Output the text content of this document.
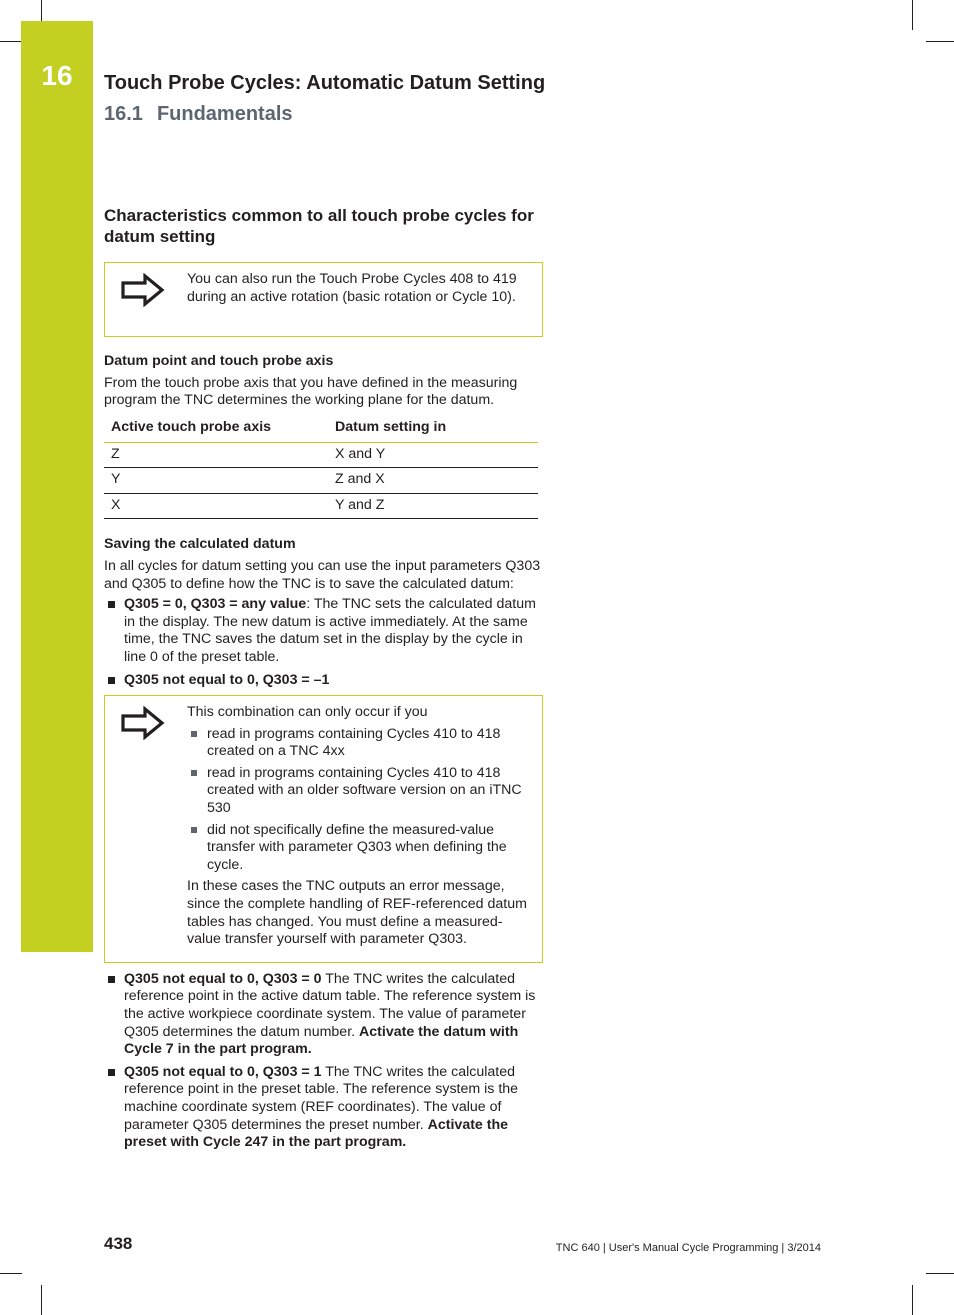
16	Touch Probe Cycles: Automatic Datum Setting
16.1 Fundamentals
Characteristics common to all touch probe cycles for datum setting
You can also run the Touch Probe Cycles 408 to 419 during an active rotation (basic rotation or Cycle 10).
Datum point and touch probe axis

From the touch probe axis that you have defined in the measuring program the TNC determines the working plane for the datum.

Active touch probe axis	Datum setting in
Z	X and Y
Y	Z and X
X	Y and Z
Saving the calculated datum

In all cycles for datum setting you can use the input parameters Q303 and Q305 to define how the TNC is to save the calculated datum:

Q305 = 0, Q303 = any value: The TNC sets the calculated datum in the display. The new datum is active immediately. At the same time, the TNC saves the datum set in the display by the cycle in line 0 of the preset table.
Q305 not equal to 0, Q303 = –1

This combination can only occur if you

read in programs containing Cycles 410 to 418 created on a TNC 4xx
read in programs containing Cycles 410 to 418 created with an older software version on an iTNC 530
did not specifically define the measured-value transfer with parameter Q303 when defining the cycle.

In these cases the TNC outputs an error message, since the complete handling of REF-referenced datum tables has changed. You must define a measured-value transfer yourself with parameter Q303.

Q305 not equal to 0, Q303 = 0 The TNC writes the calculated reference point in the active datum table. The reference system is the active workpiece coordinate system. The value of parameter Q305 determines the datum number. Activate the datum with Cycle 7 in the part program.
Q305 not equal to 0, Q303 = 1 The TNC writes the calculated reference point in the preset table. The reference system is the machine coordinate system (REF coordinates). The value of parameter Q305 determines the preset number. Activate the preset with Cycle 247 in the part program.
438	TNC 640 | User's Manual Cycle Programming | 3/2014
